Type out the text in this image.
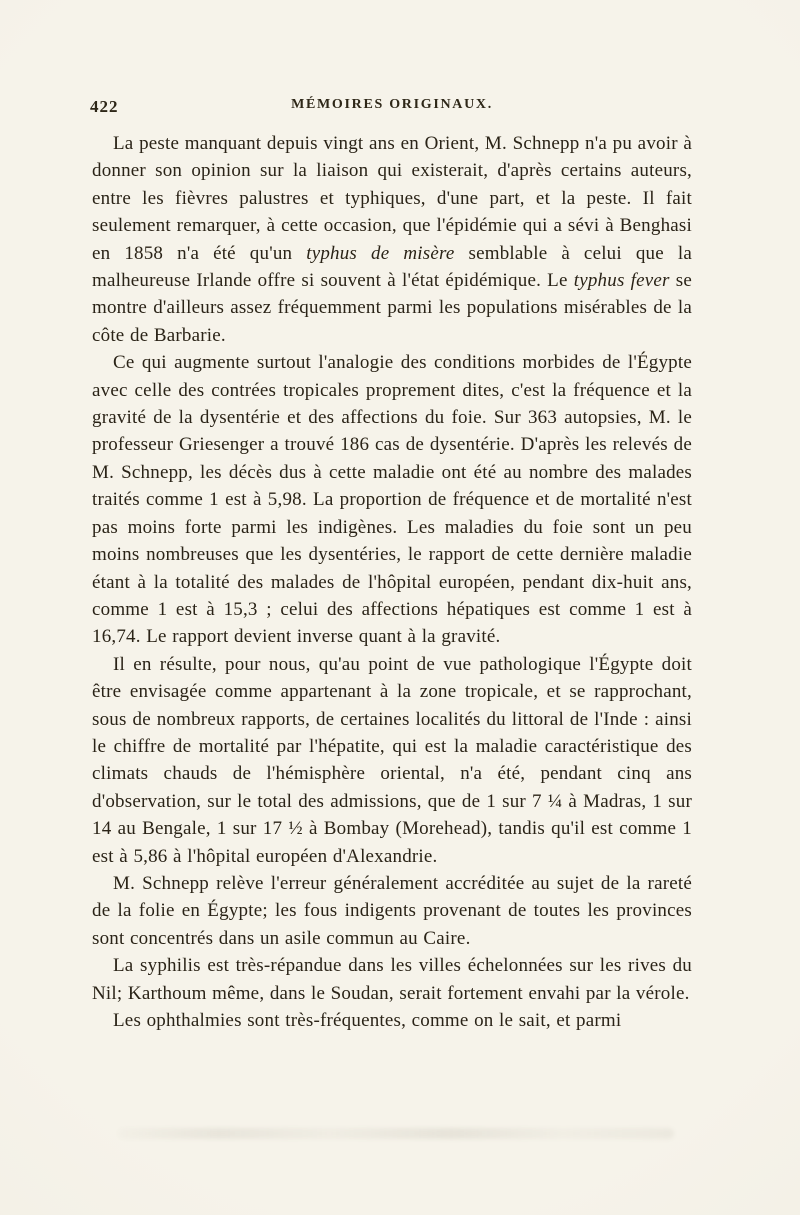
422	MÉMOIRES ORIGINAUX.

La peste manquant depuis vingt ans en Orient, M. Schnepp n'a pu avoir à donner son opinion sur la liaison qui existerait, d'après certains auteurs, entre les fièvres palustres et typhiques, d'une part, et la peste. Il fait seulement remarquer, à cette occasion, que l'épidémie qui a sévi à Benghasi en 1858 n'a été qu'un typhus de misère semblable à celui que la malheureuse Irlande offre si souvent à l'état épidémique. Le typhus fever se montre d'ailleurs assez fréquemment parmi les populations misérables de la côte de Barbarie.

Ce qui augmente surtout l'analogie des conditions morbides de l'Égypte avec celle des contrées tropicales proprement dites, c'est la fréquence et la gravité de la dysentérie et des affections du foie. Sur 363 autopsies, M. le professeur Griesenger a trouvé 186 cas de dysentérie. D'après les relevés de M. Schnepp, les décès dus à cette maladie ont été au nombre des malades traités comme 1 est à 5,98. La proportion de fréquence et de mortalité n'est pas moins forte parmi les indigènes. Les maladies du foie sont un peu moins nombreuses que les dysentéries, le rapport de cette dernière maladie étant à la totalité des malades de l'hôpital européen, pendant dix-huit ans, comme 1 est à 15,3 ; celui des affections hépatiques est comme 1 est à 16,74. Le rapport devient inverse quant à la gravité.

Il en résulte, pour nous, qu'au point de vue pathologique l'Égypte doit être envisagée comme appartenant à la zone tropicale, et se rapprochant, sous de nombreux rapports, de certaines localités du littoral de l'Inde : ainsi le chiffre de mortalité par l'hépatite, qui est la maladie caractéristique des climats chauds de l'hémisphère oriental, n'a été, pendant cinq ans d'observation, sur le total des admissions, que de 1 sur 7 ¼ à Madras, 1 sur 14 au Bengale, 1 sur 17 ½ à Bombay (Morehead), tandis qu'il est comme 1 est à 5,86 à l'hôpital européen d'Alexandrie.

M. Schnepp relève l'erreur généralement accréditée au sujet de la rareté de la folie en Égypte; les fous indigents provenant de toutes les provinces sont concentrés dans un asile commun au Caire.

La syphilis est très-répandue dans les villes échelonnées sur les rives du Nil; Karthoum même, dans le Soudan, serait fortement envahi par la vérole.

Les ophthalmies sont très-fréquentes, comme on le sait, et parmi
